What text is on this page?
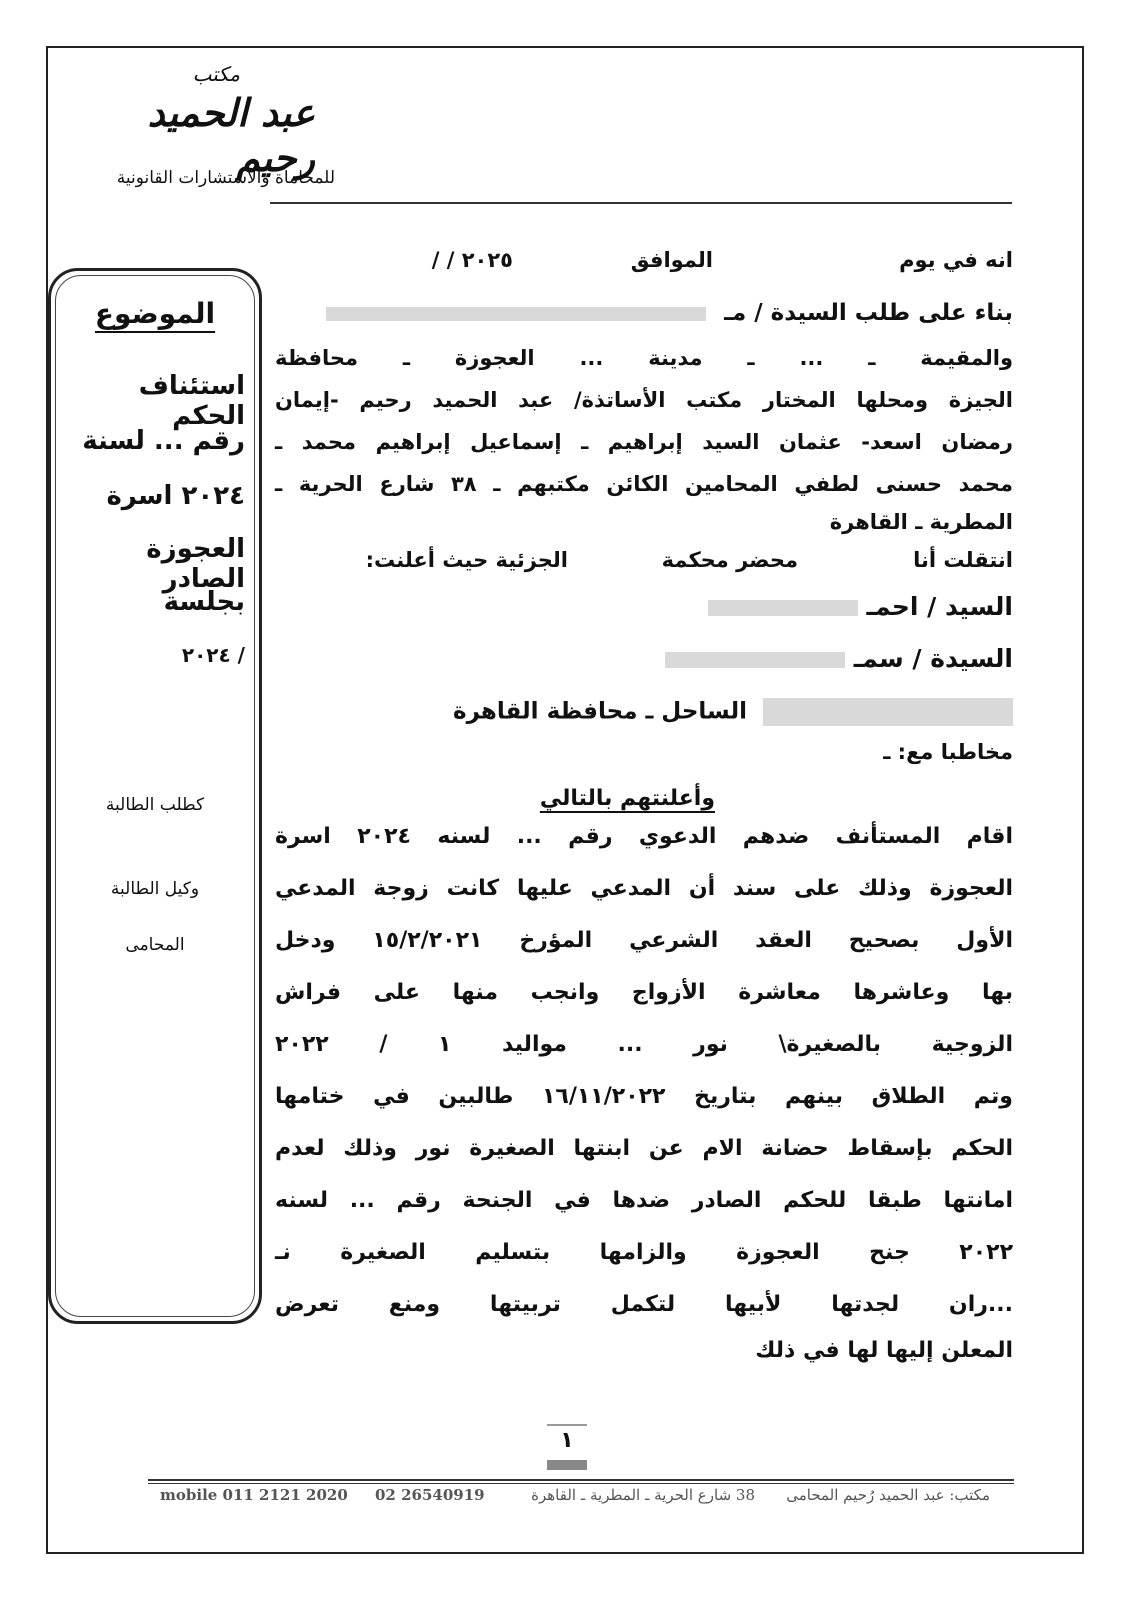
مكتب
عبد الحميد رحيم
للمحاماة والاستشارات القانونية
انه في يوم
الموافق
/ / ٢٠٢٥
بناء على طلب السيدة / مـ
والمقيمة ـ ... ـ مدينة ... العجوزة ـ محافظة
الجيزة ومحلها المختار مكتب الأساتذة/ عبد الحميد رحيم -إيمان
رمضان اسعد- عثمان السيد إبراهيم ـ إسماعيل إبراهيم محمد ـ
محمد حسنى لطفي المحامين الكائن مكتبهم ـ ٣٨ شارع الحرية ـ
المطرية ـ القاهرة
انتقلت أنا
محضر محكمة
الجزئية حيث أعلنت:
السيد / احمـ
السيدة / سمـ
الساحل ـ محافظة القاهرة
مخاطبا مع: ـ
وأعلنتهم بالتالي
اقام المستأنف ضدهم الدعوي رقم ... لسنه ٢٠٢٤ اسرة
العجوزة وذلك على سند أن المدعي عليها كانت زوجة المدعي
الأول بصحيح العقد الشرعي المؤرخ ١٥/٢/٢٠٢١ ودخل
بها وعاشرها معاشرة الأزواج وانجب منها على فراش
الزوجية بالصغيرة\ نور ... مواليد ١ / ٢٠٢٢
وتم الطلاق بينهم بتاريخ ١٦/١١/٢٠٢٢ طالبين في ختامها
الحكم بإسقاط حضانة الام عن ابنتها الصغيرة نور وذلك لعدم
امانتها طبقا للحكم الصادر ضدها في الجنحة رقم ... لسنه
٢٠٢٢ جنح العجوزة والزامها بتسليم الصغيرة نـ
...ران لجدتها لأبيها لتكمل تربيتها ومنع تعرض
المعلن إليها لها في ذلك
الموضوع
استئناف الحكم
رقم ... لسنة
٢٠٢٤ اسرة
العجوزة الصادر
بجلسة
/ ٢٠٢٤
كطلب الطالبة
وكيل الطالبة
المحامى
١
مكتب: عبد الحميد رُحيم المحامى
38 شارع الحرية ـ المطرية ـ القاهرة
02 26540919
mobile 011 2121 2020
